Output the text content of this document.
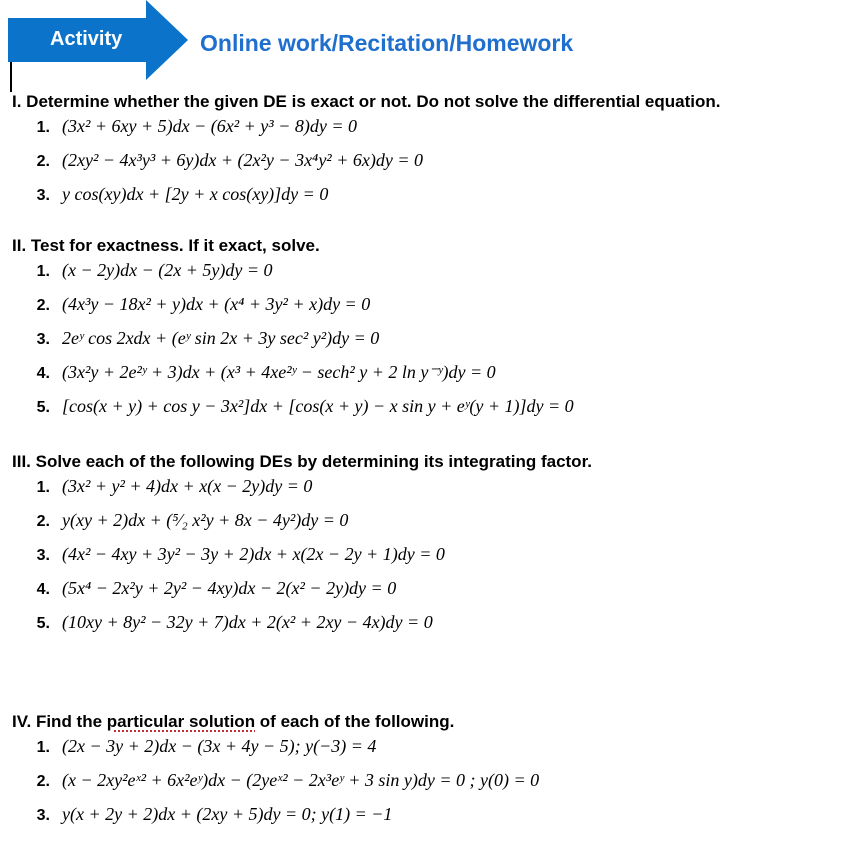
Activity	Online work/Recitation/Homework
I. Determine whether the given DE is exact or not. Do not solve the differential equation.
1. (3x² + 6xy + 5)dx − (6x² + y³ − 8)dy = 0
2. (2xy² − 4x³y³ + 6y)dx + (2x²y − 3x⁴y² + 6x)dy = 0
3. y cos(xy)dx + [2y + x cos(xy)]dy = 0
II. Test for exactness. If it exact, solve.
1. (x − 2y)dx − (2x + 5y)dy = 0
2. (4x³y − 18x² + y)dx + (x⁴ + 3y² + x)dy = 0
3. 2eʸ cos 2xdx + (eʸ sin 2x + 3y sec² y²)dy = 0
4. (3x²y + 2e²ʸ + 3)dx + (x³ + 4xe²ʸ − sech² y + 2 ln y⁻ʸ)dy = 0
5. [cos(x + y) + cos y − 3x²]dx + [cos(x + y) − x sin y + eʸ(y + 1)]dy = 0
III. Solve each of the following DEs by determining its integrating factor.
1. (3x² + y² + 4)dx + x(x − 2y)dy = 0
2. y(xy + 2)dx + (⁵⁄₂ x²y + 8x − 4y²)dy = 0
3. (4x² − 4xy + 3y² − 3y + 2)dx + x(2x − 2y + 1)dy = 0
4. (5x⁴ − 2x²y + 2y² − 4xy)dx − 2(x² − 2y)dy = 0
5. (10xy + 8y² − 32y + 7)dx + 2(x² + 2xy − 4x)dy = 0
IV. Find the particular solution of each of the following.
1. (2x − 3y + 2)dx − (3x + 4y − 5); y(−3) = 4
2. (x − 2xy²eˣ² + 6x²eʸ)dx − (2yeˣ² − 2x³eʸ + 3 sin y)dy = 0 ; y(0) = 0
3. y(x + 2y + 2)dx + (2xy + 5)dy = 0; y(1) = −1
